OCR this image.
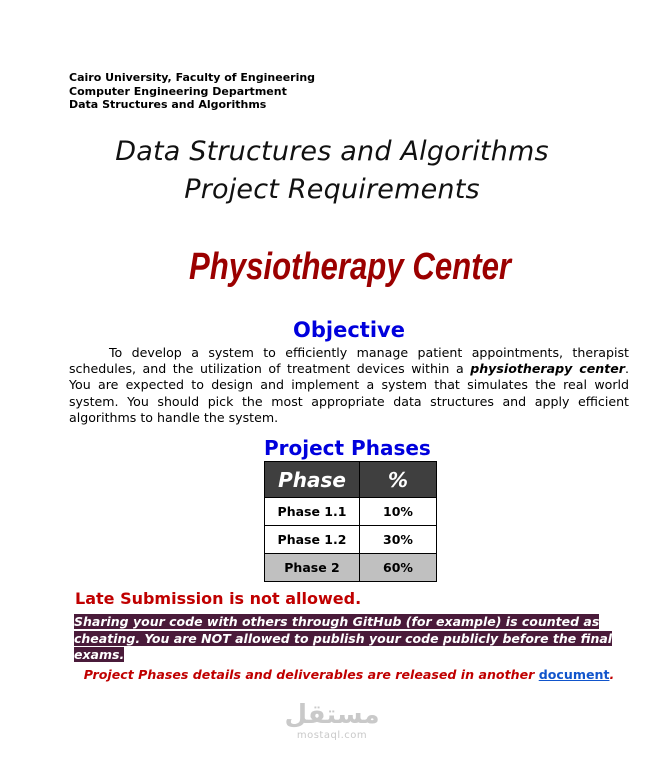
Cairo University, Faculty of Engineering
Computer Engineering Department
Data Structures and Algorithms
Data Structures and Algorithms
Project Requirements
Physiotherapy Center
Objective
To develop a system to efficiently manage patient appointments, therapist schedules, and the utilization of treatment devices within a physiotherapy center. You are expected to design and implement a system that simulates the real world system. You should pick the most appropriate data structures and apply efficient algorithms to handle the system.
Project Phases
Phase	%
Phase 1.1	10%
Phase 1.2	30%
Phase 2	60%
Late Submission is not allowed.
Sharing your code with others through GitHub (for example) is counted as cheating. You are NOT allowed to publish your code publicly before the final exams.
Project Phases details and deliverables are released in another document.
مستقل
mostaql.com
